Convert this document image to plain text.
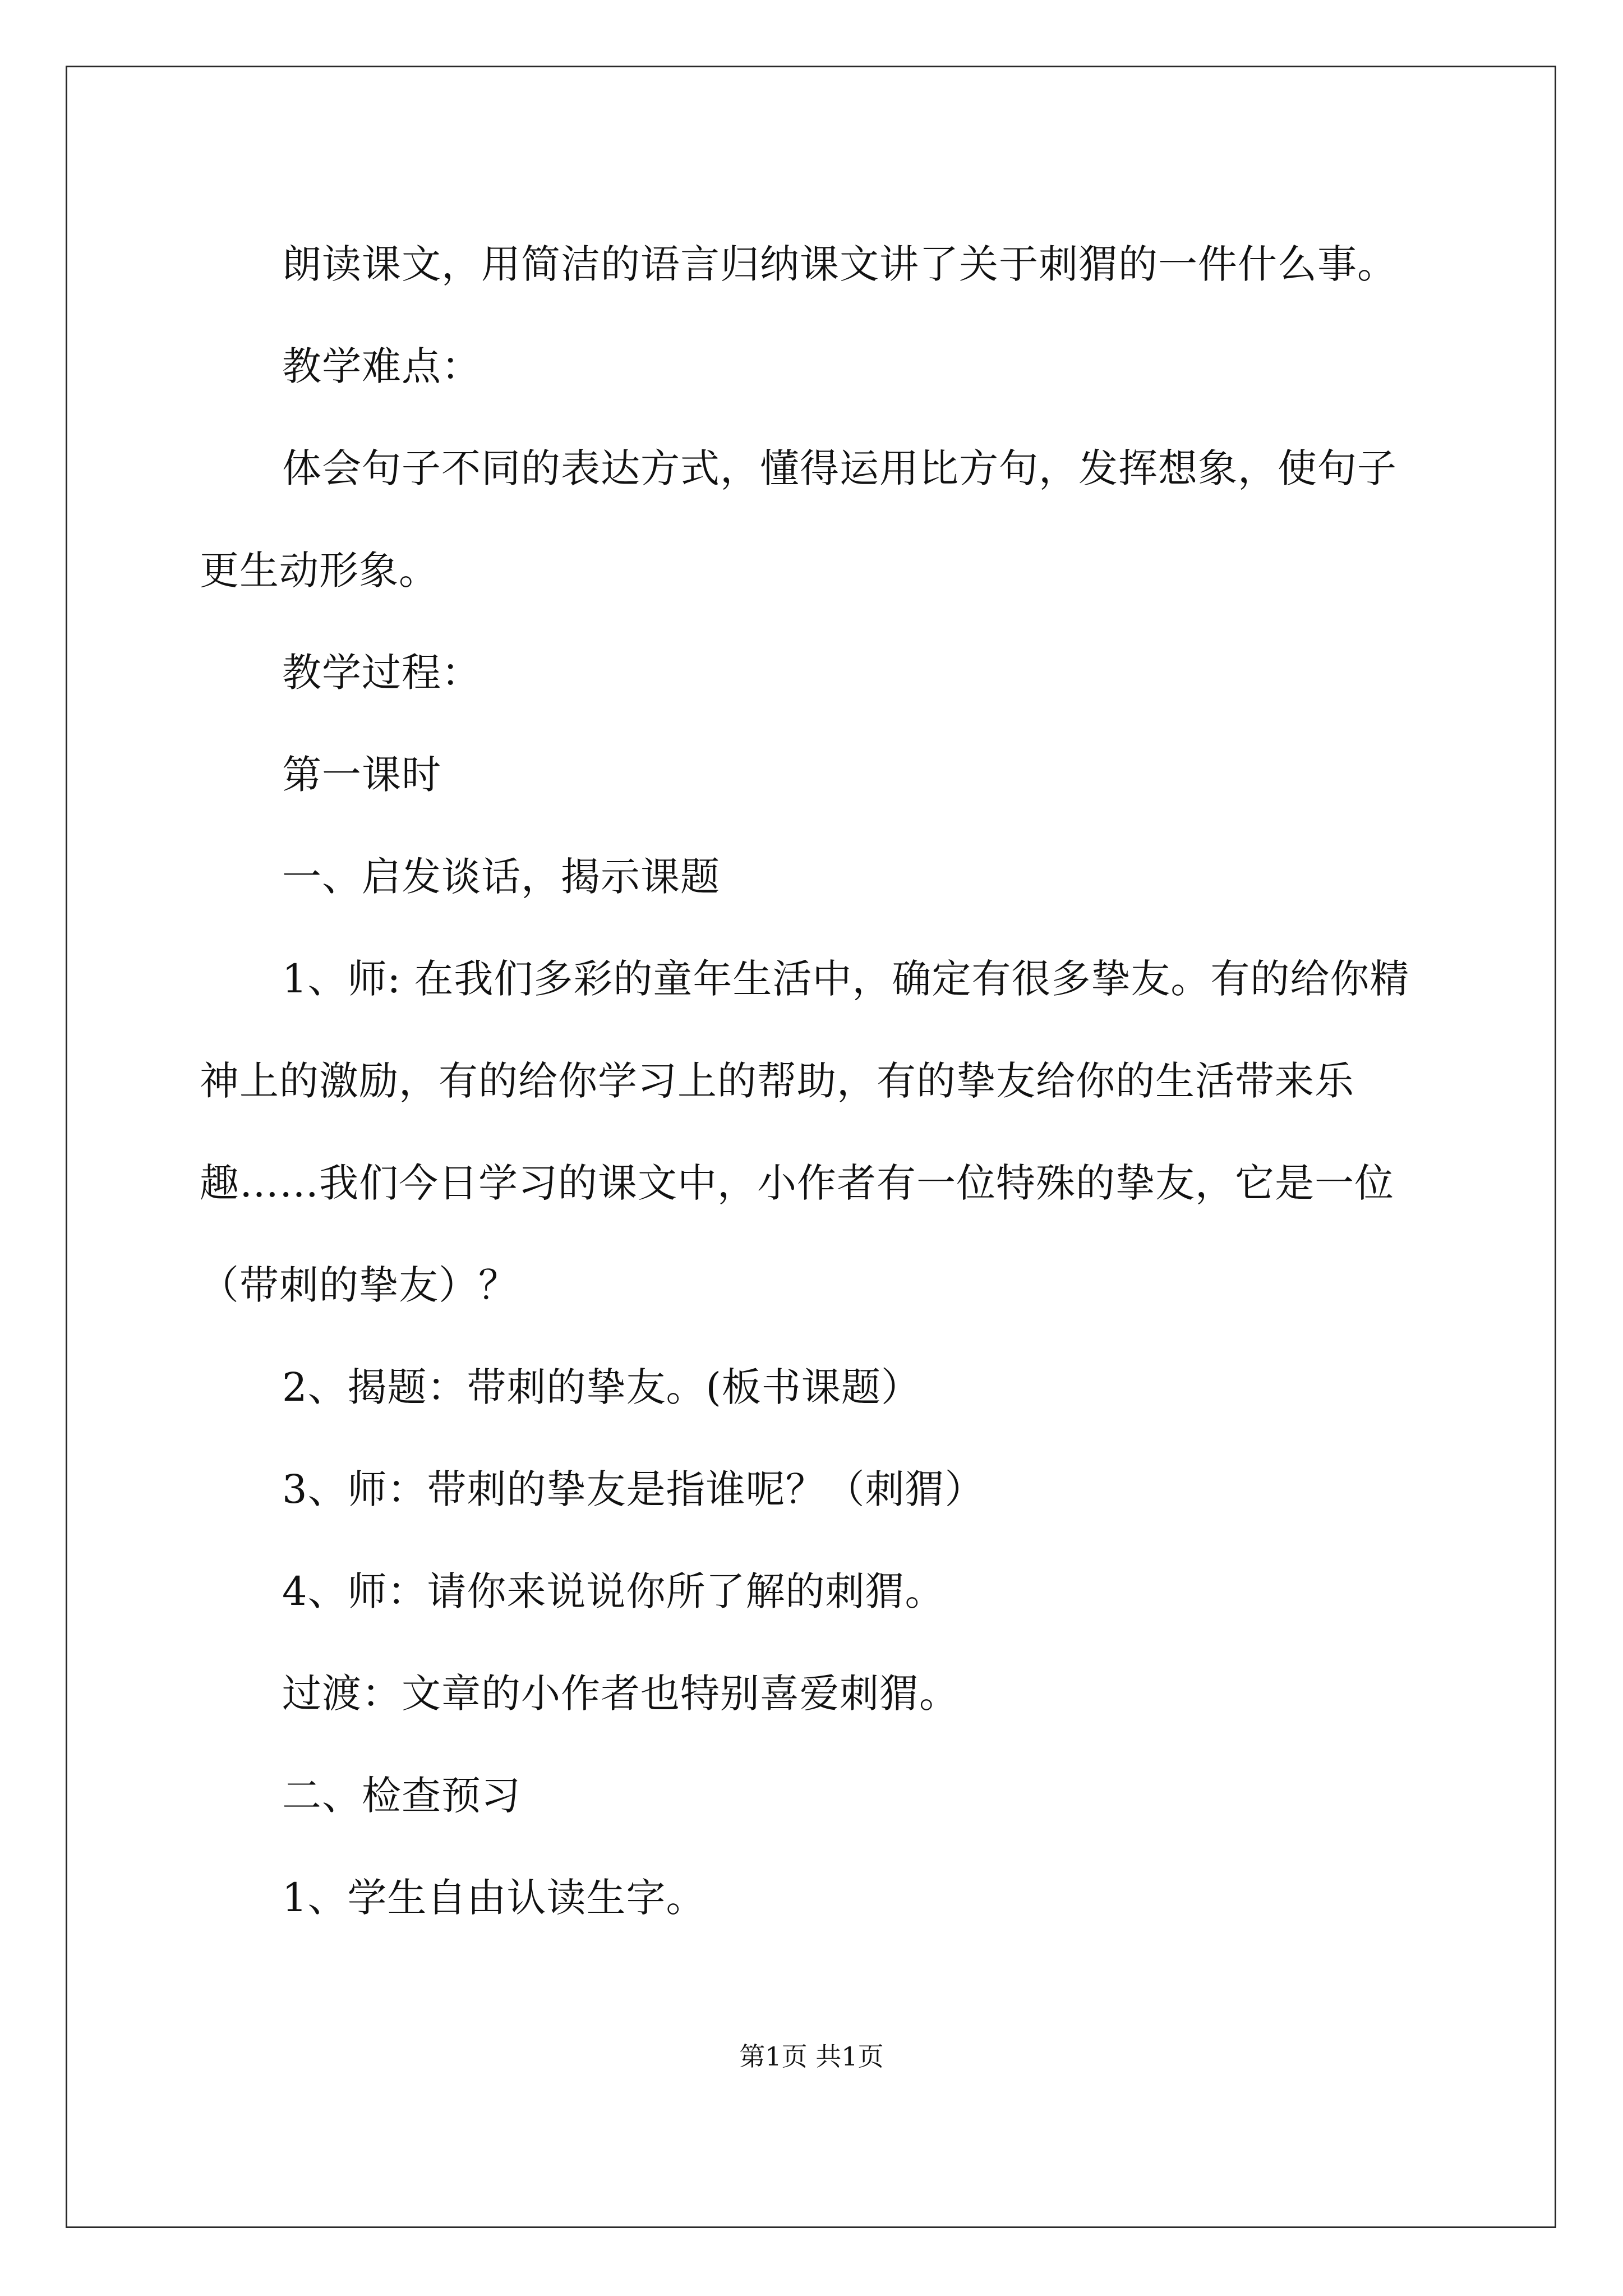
朗读课文，用简洁的语言归纳课文讲了关于刺猬的一件什么事。

教学难点：

体会句子不同的表达方式，懂得运用比方句，发挥想象，使句子更生动形象。

教学过程：

第一课时

一、启发谈话，揭示课题

1、师: 在我们多彩的童年生活中，确定有很多挚友。有的给你精神上的激励，有的给你学习上的帮助，有的挚友给你的生活带来乐趣……我们今日学习的课文中，小作者有一位特殊的挚友，它是一位（带刺的挚友）？

2、揭题：带刺的挚友。(板书课题）

3、师：带刺的挚友是指谁呢？（刺猬）

4、师：请你来说说你所了解的刺猬。

过渡：文章的小作者也特别喜爱刺猬。

二、检查预习

1、学生自由认读生字。

第1页 共1页
